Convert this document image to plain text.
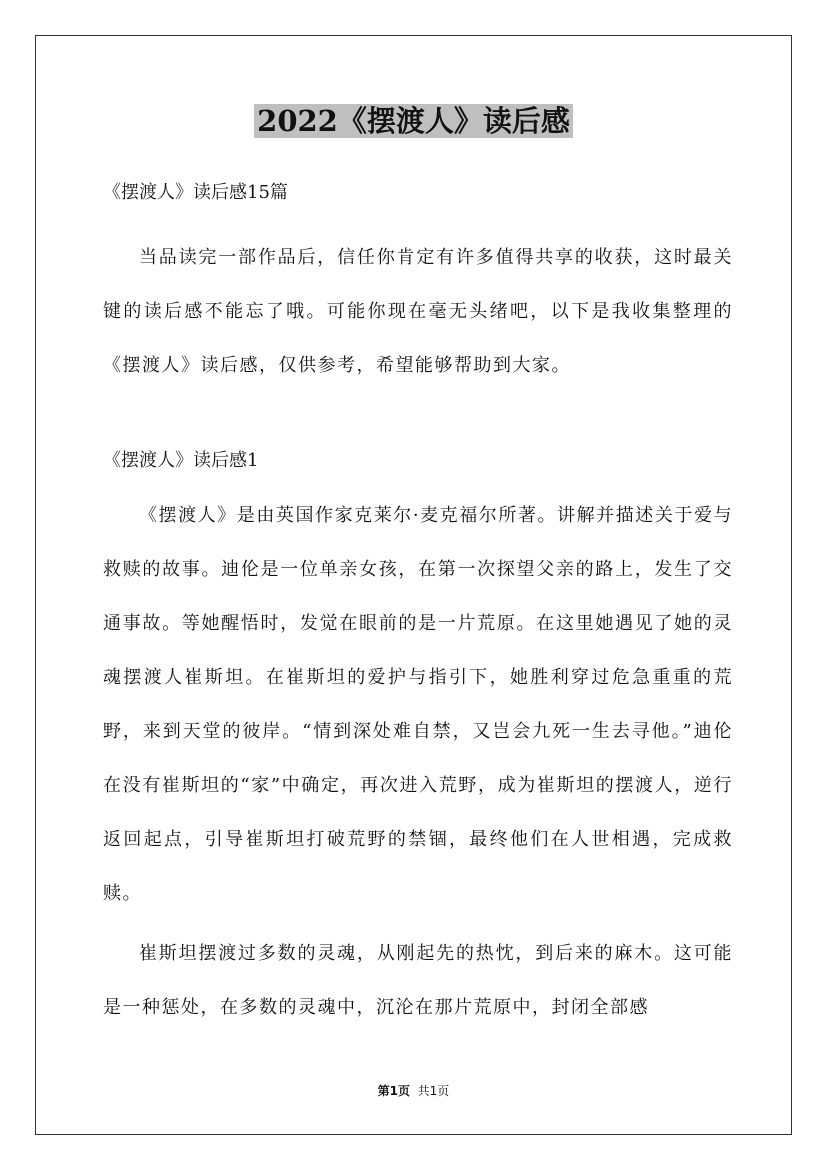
2022《摆渡人》读后感

《摆渡人》读后感15篇

当品读完一部作品后，信任你肯定有许多值得共享的收获，这时最关键的读后感不能忘了哦。可能你现在毫无头绪吧，以下是我收集整理的《摆渡人》读后感，仅供参考，希望能够帮助到大家。

《摆渡人》读后感1

《摆渡人》是由英国作家克莱尔·麦克福尔所著。讲解并描述关于爱与救赎的故事。迪伦是一位单亲女孩，在第一次探望父亲的路上，发生了交通事故。等她醒悟时，发觉在眼前的是一片荒原。在这里她遇见了她的灵魂摆渡人崔斯坦。在崔斯坦的爱护与指引下，她胜利穿过危急重重的荒野，来到天堂的彼岸。“情到深处难自禁，又岂会九死一生去寻他。”迪伦在没有崔斯坦的“家”中确定，再次进入荒野，成为崔斯坦的摆渡人，逆行返回起点，引导崔斯坦打破荒野的禁锢，最终他们在人世相遇，完成救赎。

崔斯坦摆渡过多数的灵魂，从刚起先的热忱，到后来的麻木。这可能是一种惩处，在多数的灵魂中，沉沦在那片荒原中，封闭全部感

第1页 共1页
